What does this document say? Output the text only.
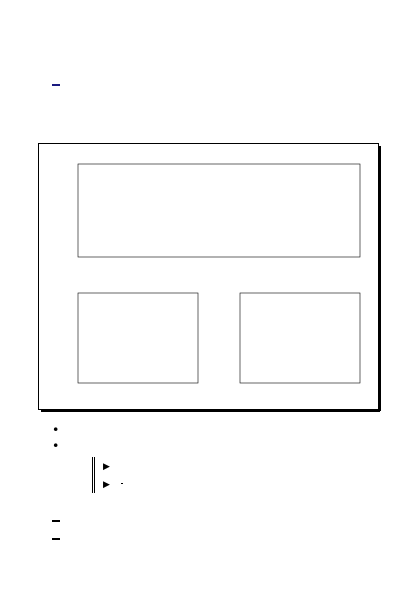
•
•
▶
▶
